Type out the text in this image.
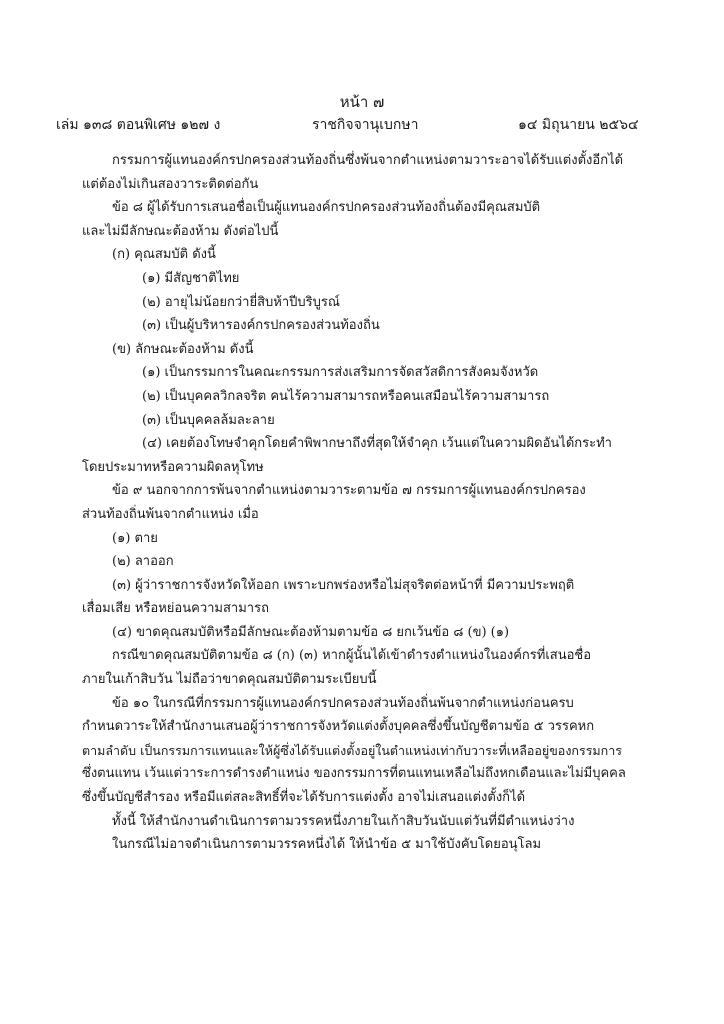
หน้า ๗
เล่ม ๑๓๘ ตอนพิเศษ ๑๒๗ ง	ราชกิจจานุเบกษา	๑๔ มิถุนายน ๒๕๖๔

กรรมการผู้แทนองค์กรปกครองส่วนท้องถิ่นซึ่งพ้นจากตำแหน่งตามวาระอาจได้รับแต่งตั้งอีกได้

แต่ต้องไม่เกินสองวาระติดต่อกัน

ข้อ ๘ ผู้ได้รับการเสนอชื่อเป็นผู้แทนองค์กรปกครองส่วนท้องถิ่นต้องมีคุณสมบัติ

และไม่มีลักษณะต้องห้าม ดังต่อไปนี้

(ก) คุณสมบัติ ดังนี้

(๑) มีสัญชาติไทย

(๒) อายุไม่น้อยกว่ายี่สิบห้าปีบริบูรณ์

(๓) เป็นผู้บริหารองค์กรปกครองส่วนท้องถิ่น

(ข) ลักษณะต้องห้าม ดังนี้

(๑) เป็นกรรมการในคณะกรรมการส่งเสริมการจัดสวัสดิการสังคมจังหวัด

(๒) เป็นบุคคลวิกลจริต คนไร้ความสามารถหรือคนเสมือนไร้ความสามารถ

(๓) เป็นบุคคลล้มละลาย

(๔) เคยต้องโทษจำคุกโดยคำพิพากษาถึงที่สุดให้จำคุก เว้นแต่ในความผิดอันได้กระทำ

โดยประมาทหรือความผิดลหุโทษ

ข้อ ๙ นอกจากการพ้นจากตำแหน่งตามวาระตามข้อ ๗ กรรมการผู้แทนองค์กรปกครอง

ส่วนท้องถิ่นพ้นจากตำแหน่ง เมื่อ

(๑) ตาย

(๒) ลาออก

(๓) ผู้ว่าราชการจังหวัดให้ออก เพราะบกพร่องหรือไม่สุจริตต่อหน้าที่ มีความประพฤติ

เสื่อมเสีย หรือหย่อนความสามารถ

(๔) ขาดคุณสมบัติหรือมีลักษณะต้องห้ามตามข้อ ๘ ยกเว้นข้อ ๘ (ข) (๑)

กรณีขาดคุณสมบัติตามข้อ ๘ (ก) (๓) หากผู้นั้นได้เข้าดำรงตำแหน่งในองค์กรที่เสนอชื่อ

ภายในเก้าสิบวัน ไม่ถือว่าขาดคุณสมบัติตามระเบียบนี้

ข้อ ๑๐ ในกรณีที่กรรมการผู้แทนองค์กรปกครองส่วนท้องถิ่นพ้นจากตำแหน่งก่อนครบ

กำหนดวาระให้สำนักงานเสนอผู้ว่าราชการจังหวัดแต่งตั้งบุคคลซึ่งขึ้นบัญชีตามข้อ ๕ วรรคหก

ตามลำดับ เป็นกรรมการแทนและให้ผู้ซึ่งได้รับแต่งตั้งอยู่ในตำแหน่งเท่ากับวาระที่เหลืออยู่ของกรรมการ

ซึ่งตนแทน เว้นแต่วาระการดำรงตำแหน่ง ของกรรมการที่ตนแทนเหลือไม่ถึงหกเดือนและไม่มีบุคคล

ซึ่งขึ้นบัญชีสำรอง หรือมีแต่สละสิทธิ์ที่จะได้รับการแต่งตั้ง อาจไม่เสนอแต่งตั้งก็ได้

ทั้งนี้ ให้สำนักงานดำเนินการตามวรรคหนึ่งภายในเก้าสิบวันนับแต่วันที่มีตำแหน่งว่าง

ในกรณีไม่อาจดำเนินการตามวรรคหนึ่งได้ ให้นำข้อ ๕ มาใช้บังคับโดยอนุโลม
